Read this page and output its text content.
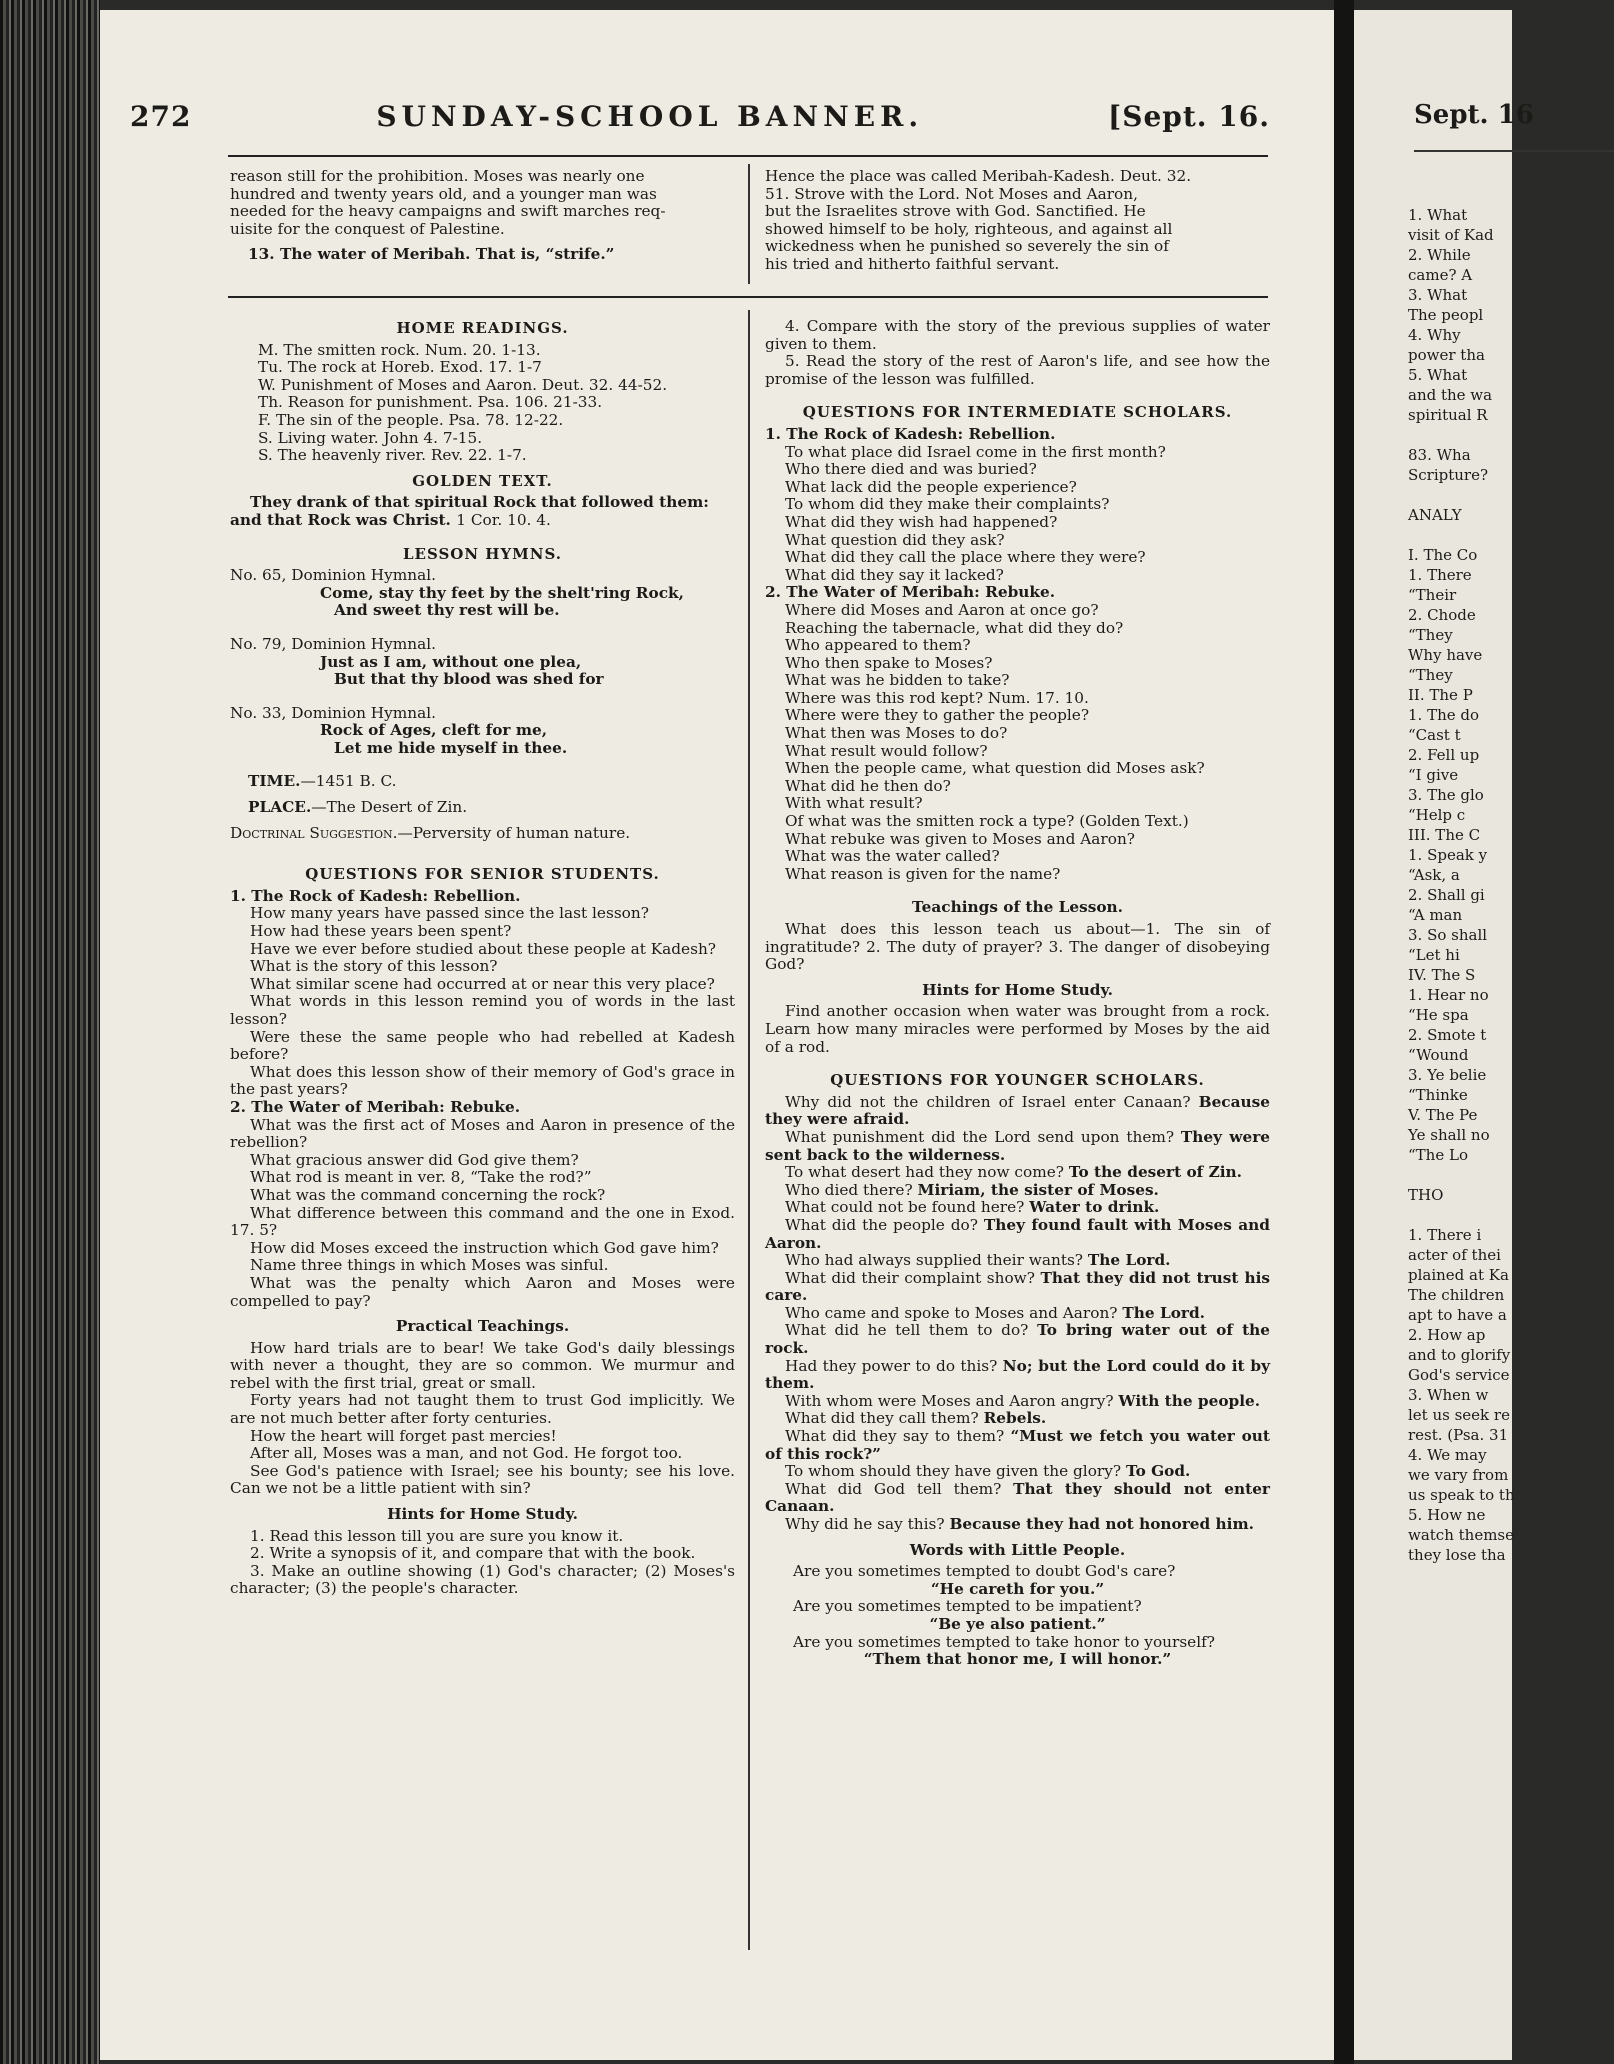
272	SUNDAY-SCHOOL BANNER.	[Sept. 16.

reason still for the prohibition. Moses was nearly one

hundred and twenty years old, and a younger man was

needed for the heavy campaigns and swift marches req-

uisite for the conquest of Palestine.

13. The water of Meribah. That is, “strife.”

Hence the place was called Meribah-Kadesh. Deut. 32.

51. Strove with the Lord. Not Moses and Aaron,

but the Israelites strove with God. Sanctified. He

showed himself to be holy, righteous, and against all

wickedness when he punished so severely the sin of

his tried and hitherto faithful servant.

HOME READINGS.

M. The smitten rock. Num. 20. 1-13.

Tu. The rock at Horeb. Exod. 17. 1-7

W. Punishment of Moses and Aaron. Deut. 32. 44-52.

Th. Reason for punishment. Psa. 106. 21-33.

F. The sin of the people. Psa. 78. 12-22.

S. Living water. John 4. 7-15.

S. The heavenly river. Rev. 22. 1-7.

GOLDEN TEXT.

They drank of that spiritual Rock that followed them: and that Rock was Christ. 1 Cor. 10. 4.

LESSON HYMNS.

No. 65, Dominion Hymnal.

Come, stay thy feet by the shelt'ring Rock,

And sweet thy rest will be.

No. 79, Dominion Hymnal.

Just as I am, without one plea,

But that thy blood was shed for

No. 33, Dominion Hymnal.

Rock of Ages, cleft for me,

Let me hide myself in thee.

TIME.—1451 B. C.

PLACE.—The Desert of Zin.

Doctrinal Suggestion.—Perversity of human nature.

QUESTIONS FOR SENIOR STUDENTS.

1. The Rock of Kadesh: Rebellion.

How many years have passed since the last lesson?

How had these years been spent?

Have we ever before studied about these people at Kadesh?

What is the story of this lesson?

What similar scene had occurred at or near this very place?

What words in this lesson remind you of words in the last lesson?

Were these the same people who had rebelled at Kadesh before?

What does this lesson show of their memory of God's grace in the past years?

2. The Water of Meribah: Rebuke.

What was the first act of Moses and Aaron in presence of the rebellion?

What gracious answer did God give them?

What rod is meant in ver. 8, “Take the rod?”

What was the command concerning the rock?

What difference between this command and the one in Exod. 17. 5?

How did Moses exceed the instruction which God gave him?

Name three things in which Moses was sinful.

What was the penalty which Aaron and Moses were compelled to pay?

Practical Teachings.

How hard trials are to bear! We take God's daily blessings with never a thought, they are so common. We murmur and rebel with the first trial, great or small.

Forty years had not taught them to trust God implicitly. We are not much better after forty centuries.

How the heart will forget past mercies!

After all, Moses was a man, and not God. He forgot too.

See God's patience with Israel; see his bounty; see his love. Can we not be a little patient with sin?

Hints for Home Study.

1. Read this lesson till you are sure you know it.

2. Write a synopsis of it, and compare that with the book.

3. Make an outline showing (1) God's character; (2) Moses's character; (3) the people's character.

4. Compare with the story of the previous supplies of water given to them.

5. Read the story of the rest of Aaron's life, and see how the promise of the lesson was fulfilled.

QUESTIONS FOR INTERMEDIATE SCHOLARS.

1. The Rock of Kadesh: Rebellion.

To what place did Israel come in the first month?

Who there died and was buried?

What lack did the people experience?

To whom did they make their complaints?

What did they wish had happened?

What question did they ask?

What did they call the place where they were?

What did they say it lacked?

2. The Water of Meribah: Rebuke.

Where did Moses and Aaron at once go?

Reaching the tabernacle, what did they do?

Who appeared to them?

Who then spake to Moses?

What was he bidden to take?

Where was this rod kept? Num. 17. 10.

Where were they to gather the people?

What then was Moses to do?

What result would follow?

When the people came, what question did Moses ask?

What did he then do?

With what result?

Of what was the smitten rock a type? (Golden Text.)

What rebuke was given to Moses and Aaron?

What was the water called?

What reason is given for the name?

Teachings of the Lesson.

What does this lesson teach us about—1. The sin of ingratitude? 2. The duty of prayer? 3. The danger of disobeying God?

Hints for Home Study.

Find another occasion when water was brought from a rock. Learn how many miracles were performed by Moses by the aid of a rod.

QUESTIONS FOR YOUNGER SCHOLARS.

Why did not the children of Israel enter Canaan? Because they were afraid.

What punishment did the Lord send upon them? They were sent back to the wilderness.

To what desert had they now come? To the desert of Zin.

Who died there? Miriam, the sister of Moses.

What could not be found here? Water to drink.

What did the people do? They found fault with Moses and Aaron.

Who had always supplied their wants? The Lord.

What did their complaint show? That they did not trust his care.

Who came and spoke to Moses and Aaron? The Lord.

What did he tell them to do? To bring water out of the rock.

Had they power to do this? No; but the Lord could do it by them.

With whom were Moses and Aaron angry? With the people.

What did they call them? Rebels.

What did they say to them? “Must we fetch you water out of this rock?”

To whom should they have given the glory? To God.

What did God tell them? That they should not enter Canaan.

Why did he say this? Because they had not honored him.

Words with Little People.

Are you sometimes tempted to doubt God's care?

“He careth for you.”

Are you sometimes tempted to be impatient?

“Be ye also patient.”

Are you sometimes tempted to take honor to yourself?

“Them that honor me, I will honor.”

Sept. 16
1. What
visit of Kad
2. While
came? A
3. What
The peopl
4. Why
power tha
5. What
and the wa
spiritual R
83. Wha
Scripture?
ANALY
I. The Co
1. There
“Their
2. Chode
“They
Why have
“They
II. The P
1. The do
“Cast t
2. Fell up
“I give
3. The glo
“Help c
III. The C
1. Speak y
“Ask, a
2. Shall gi
“A man
3. So shall
“Let hi
IV. The S
1. Hear no
“He spa
2. Smote t
“Wound
3. Ye belie
“Thinke
V. The Pe
Ye shall no
“The Lo
THO
1. There i
acter of thei
plained at Ka
The children
apt to have a
2. How ap
and to glorify
God's service
3. When w
let us seek re
rest. (Psa. 31
4. We may
we vary from
us speak to th
5. How ne
watch themse
they lose tha
